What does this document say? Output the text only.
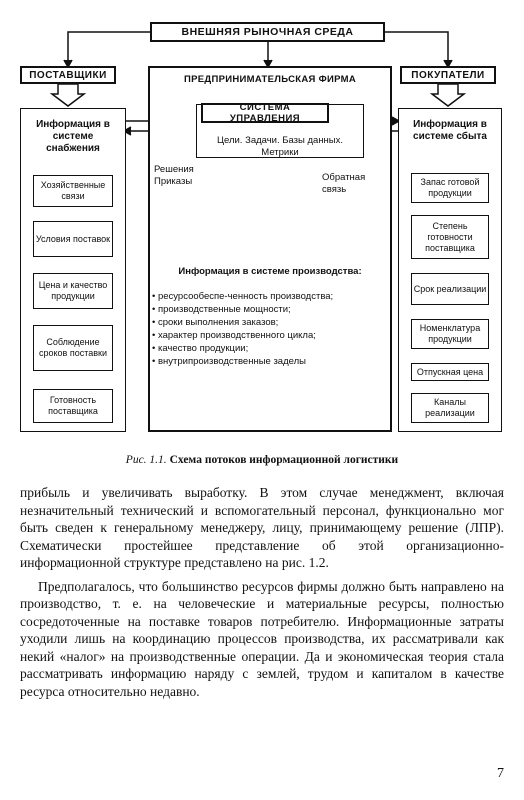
ВНЕШНЯЯ РЫНОЧНАЯ СРЕДА
ПОСТАВЩИКИ
Информация в системе снабжения
Хозяйственные связи
Условия поставок
Цена и качество продукции
Соблюдение сроков поставки
Готовность поставщика
ПРЕДПРИНИМАТЕЛЬСКАЯ ФИРМА
СИСТЕМА УПРАВЛЕНИЯ
Цели. Задачи. Базы данных. Метрики
Решения Приказы	Обратная связь
Информация в системе производства:
• ресурсообеспе-ченность производства;
• производственные мощности;
• сроки выполнения заказов;
• характер производственного цикла;
• качество продукции;
• внутрипроизводственные заделы
ПОКУПАТЕЛИ
Информация в системе сбыта
Запас готовой продукции
Степень готовности поставщика
Срок реализации
Номенклатура продукции
Отпускная цена
Каналы реализации
Рис. 1.1. Схема потоков информационной логистики

прибыль и увеличивать выработку. В этом случае менеджмент, включая незначительный технический и вспомогательный персонал, функционально мог быть сведен к генеральному менеджеру, лицу, принимающему решение (ЛПР). Схематически простейшее представление об этой организационно-информационной структуре представлено на рис. 1.2.

Предполагалось, что большинство ресурсов фирмы должно быть направлено на производство, т. е. на человеческие и материальные ресурсы, полностью сосредоточенные на поставке товаров потребителю. Информационные затраты уходили лишь на координацию процессов производства, их рассматривали как некий «налог» на производственные операции. Да и экономическая теория стала рассматривать информацию наряду с землей, трудом и капиталом в качестве ресурса относительно недавно.

7
